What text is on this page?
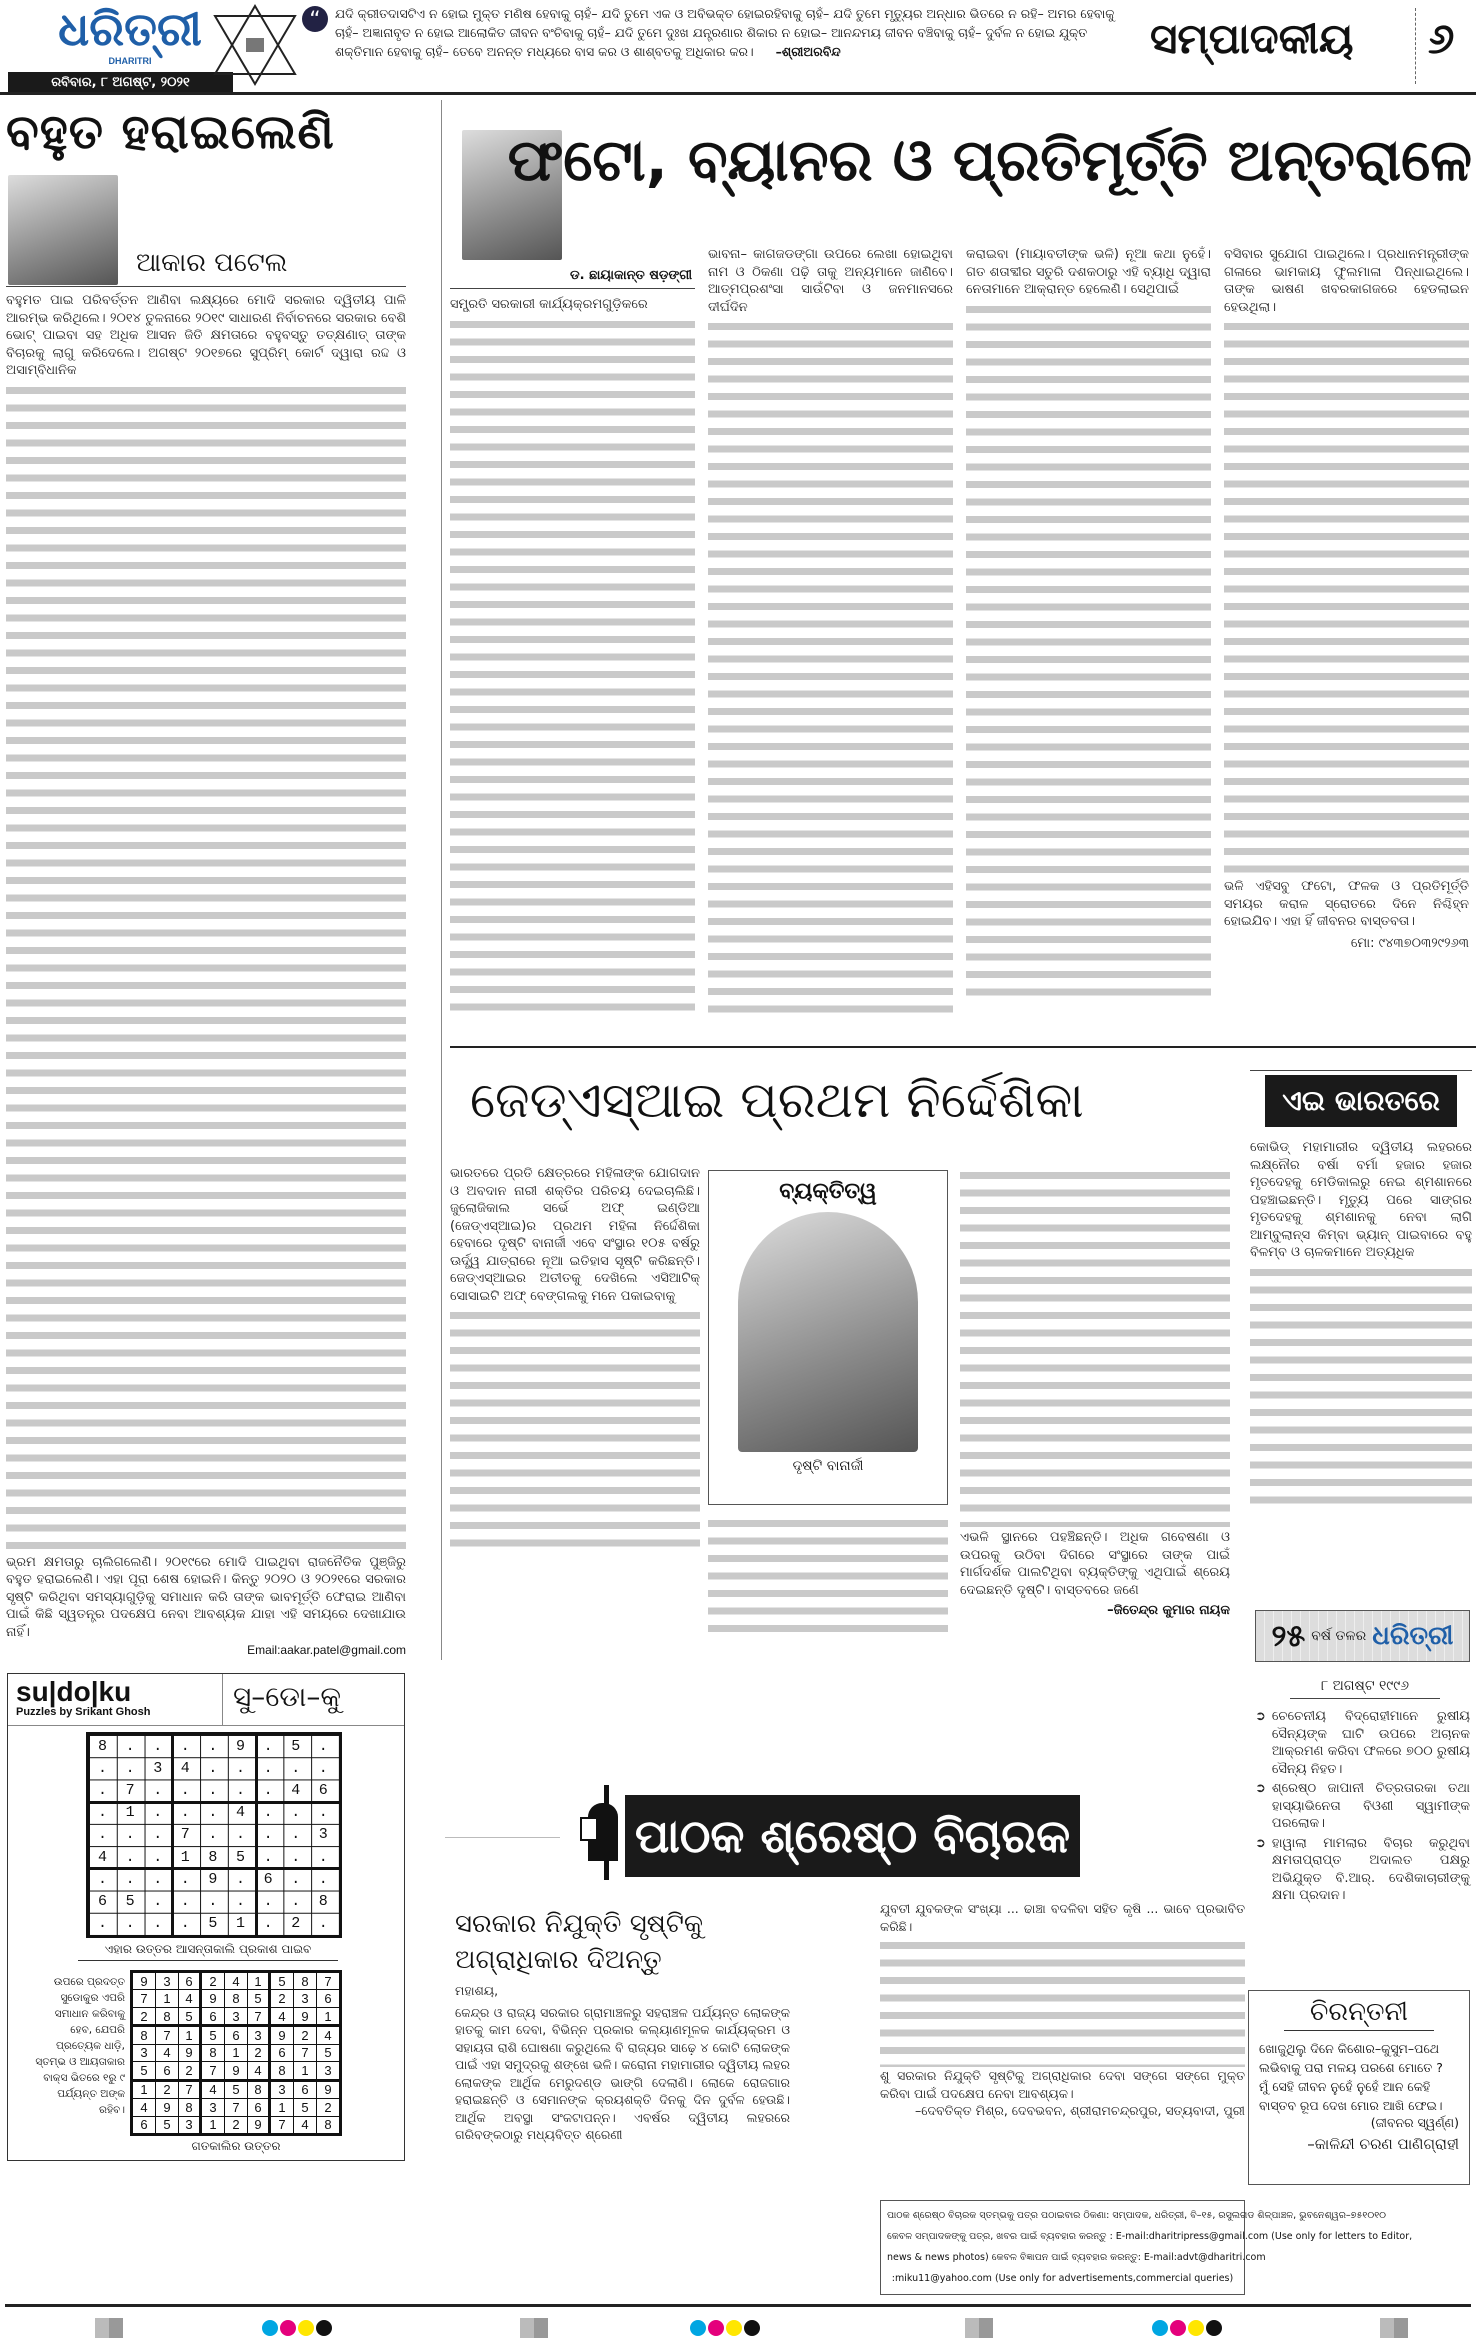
ଧରିତ୍ରୀ
DHARITRI
ରବିବାର, ୮ ଅଗଷ୍ଟ, ୨୦୨୧
“	ଯଦି କ୍ରୀତଦାସଟିଏ ନ ହୋଇ ମୁକ୍ତ ମଣିଷ ହେବାକୁ ଚାହଁ– ଯଦି ତୁମେ ଏକ ଓ ଅବିଭକ୍ତ ହୋଇରହିବାକୁ ଚାହଁ– ଯଦି ତୁମେ ମୃତ୍ୟୁର ଅନ୍ଧାର ଭିତରେ ନ ରହି– ଅମର ହେବାକୁ ଚାହଁ– ଅଜ୍ଞାନାବୃତ ନ ହୋଇ ଆଲୋକିତ ଜୀବନ ବଂଚିବାକୁ ଚାହଁ– ଯଦି ତୁମେ ଦୁଃଖ ଯନ୍ତ୍ରଣାର ଶିକାର ନ ହୋଇ– ଆନନ୍ଦମୟ ଜୀବନ ବଞ୍ଚିବାକୁ ଚାହଁ– ଦୁର୍ବଳ ନ ହୋଇ ଯୁକ୍ତ ଶକ୍ତିମାନ ହେବାକୁ ଚାହଁ– ତେବେ ଅନନ୍ତ ମଧ୍ୟରେ ବାସ କର ଓ ଶାଶ୍ବତକୁ ଅଧିକାର କର। –ଶ୍ରୀଅରବିନ୍ଦ	ସମ୍ପାଦକୀୟ ୬
ବହୁତ ହରାଇଲେଣି
ଆକାର ପଟେଲ
ବହୁମତ ପାଇ ପରିବର୍ତ୍ତନ ଆଣିବା ଲକ୍ଷ୍ୟରେ ମୋଦି ସରକାର ଦ୍ୱିତୀୟ ପାଳି ଆରମ୍ଭ କରିଥିଲେ। ୨୦୧୪ ତୁଳନାରେ ୨୦୧୯ ସାଧାରଣ ନିର୍ବାଚନରେ ସରକାର ବେଶି ଭୋଟ୍ ପାଇବା ସହ ଅଧିକ ଆସନ ଜିତି କ୍ଷମତାରେ ବହୁବସ୍ତୁ ତତ୍‌କ୍ଷଣାତ୍ ତାଙ୍କ ବିଚାରକୁ ଲାଗୁ କରିଦେଲେ। ଅଗଷ୍ଟ ୨୦୧୭ରେ ସୁପ୍ରିମ୍ କୋର୍ଟ ଦ୍ୱାରା ରଦ୍ଦ ଓ ଅସାମ୍ବିଧାନିକ
ଭ୍ରମ କ୍ଷମତାରୁ ଚାଲିଗଲେଣି। ୨୦୧୯ରେ ମୋଦି ପାଇଥିବା ରାଜନୈତିକ ପୁଞ୍ଜିରୁ ବହୁତ ହରାଇଲେଣି। ଏହା ପୂରା ଶେଷ ହୋଇନି। କିନ୍ତୁ ୨୦୨୦ ଓ ୨୦୨୧ରେ ସରକାର ସୃଷ୍ଟି କରିଥିବା ସମସ୍ୟାଗୁଡ଼ିକୁ ସମାଧାନ କରି ତାଙ୍କ ଭାବମୂର୍ତ୍ତି ଫେରାଇ ଆଣିବା ପାଇଁ କିଛି ସ୍ୱତନ୍ତ୍ର ପଦକ୍ଷେପ ନେବା ଆବଶ୍ୟକ ଯାହା ଏହି ସମୟରେ ଦେଖାଯାଉ ନାହିଁ।
Email:aakar.patel@gmail.com
ଡ. ଛାୟାକାନ୍ତ ଷଡ଼ଙ୍ଗୀ
ଫଟୋ, ବ୍ୟାନର ଓ ପ୍ରତିମୂର୍ତ୍ତି ଅନ୍ତରାଳେ
ସମ୍ପ୍ରତି ସରକାରୀ କାର୍ଯ୍ୟକ୍ରମଗୁଡ଼ିକରେ
ଭାବନା– କାଗଜଡଙ୍ଗା ଉପରେ ଲେଖା ହୋଇଥିବା ନାମ ଓ ଠିକଣା ପଢ଼ି ତାକୁ ଅନ୍ୟମାନେ ଜାଣିବେ। ଆତ୍ମପ୍ରଶଂସା ସାଉଁଟିବା ଓ ଜନମାନସରେ ଦୀର୍ଘଦିନ
କରାଇବା (ମାୟାବତୀଙ୍କ ଭଳି) ନୂଆ କଥା ନୁହେଁ। ଗତ ଶତାବ୍ଦୀର ସତୁରି ଦଶକଠାରୁ ଏହି ବ୍ୟାଧି ଦ୍ୱାରା ନେତାମାନେ ଆକ୍ରାନ୍ତ ହେଲେଣି। ସେଥିପାଇଁ
ବସିବାର ସୁଯୋଗ ପାଇଥିଲେ। ପ୍ରଧାନମନ୍ତ୍ରୀଙ୍କ ଗଳାରେ ଭାମକାୟ ଫୁଲମାଳା ପିନ୍ଧାଇଥିଲେ। ତାଙ୍କ ଭାଷଣ ଖବରକାଗଜରେ ହେଡଲାଇନ ହେଉଥିଲା।
ଭଳି ଏହିସବୁ ଫଟୋ, ଫଳକ ଓ ପ୍ରତିମୂର୍ତ୍ତି ସମୟର କରାଳ ସ୍ରୋତରେ ଦିନେ ନିଶ୍ଚିହ୍ନ ହୋଇଯିବ। ଏହା ହିଁ ଜୀବନର ବାସ୍ତବତା।
ମୋ: ୯୪୩୭୦୩୨୯୨୬୩
ଜେଡ୍‌ଏସ୍‌ଆଇ ପ୍ରଥମ ନିର୍ଦ୍ଦେଶିକା
ଭାରତରେ ପ୍ରତି କ୍ଷେତ୍ରରେ ମହିଳାଙ୍କ ଯୋଗଦାନ ଓ ଅବଦାନ ନାରୀ ଶକ୍ତିର ପରିଚୟ ଦେଇଚାଲିଛି। ଜୁଲୋଜିକାଲ ସର୍ଭେ ଅଫ୍ ଇଣ୍ଡିଆ (ଜେଡ୍‌ଏସ୍‌ଆଇ)ର ପ୍ରଥମ ମହିଳା ନିର୍ଦ୍ଦେଶିକା ହେବାରେ ଦୃଷ୍ଟି ବାନାର୍ଜୀ ଏବେ ସଂସ୍ଥାର ୧୦୫ ବର୍ଷରୁ ଊର୍ଦ୍ଧ୍ୱ ଯାତ୍ରାରେ ନୂଆ ଇତିହାସ ସୃଷ୍ଟି କରିଛନ୍ତି। ଜେଡ୍‌ଏସ୍‌ଆଇର ଅତୀତକୁ ଦେଖିଲେ ଏସିଆଟିକ୍ ସୋସାଇଟି ଅଫ୍ ବେଙ୍ଗଲକୁ ମନେ ପକାଇବାକୁ
ବ୍ୟକ୍ତିତ୍ୱ
ଦୃଷ୍ଟି ବାନାର୍ଜୀ
ଏଭଳି ସ୍ଥାନରେ ପହଞ୍ଚିଛନ୍ତି। ଅଧିକ ଗବେଷଣା ଓ ଉପରକୁ ଉଠିବା ଦିଗରେ ସଂସ୍ଥାରେ ତାଙ୍କ ପାଇଁ ମାର୍ଗଦର୍ଶକ ପାଲଟିଥିବା ବ୍ୟକ୍ତିଙ୍କୁ ଏଥିପାଇଁ ଶ୍ରେୟ ଦେଇଛନ୍ତି ଦୃଷ୍ଟି। ବାସ୍ତବରେ ଜଣେ
–ଜିତେନ୍ଦ୍ର କୁମାର ନାୟକ
ଏଇ ଭାରତରେ
କୋଭିଡ୍ ମହାମାରୀର ଦ୍ୱିତୀୟ ଲହରରେ ଲକ୍ଷ୍ନୌର ବର୍ଷା ବର୍ମା ହଜାର ହଜାର ମୃତଦେହକୁ ମେଡିକାଲରୁ ନେଇ ଶ୍ମଶାନରେ ପହଞ୍ଚାଇଛନ୍ତି। ମୃତ୍ୟୁ ପରେ ସାଙ୍ଗର ମୃତଦେହକୁ ଶ୍ମଶାନକୁ ନେବା ଲାଗି ଆମ୍ବୁଲାନ୍ସ କିମ୍ବା ଭ୍ୟାନ୍ ପାଇବାରେ ବହୁ ବିଳମ୍ବ ଓ ଚାଳକମାନେ ଅତ୍ୟଧିକ
୨୫ ବର୍ଷ ତଳର ଧରିତ୍ରୀ
୮ ଅଗଷ୍ଟ ୧୯୯୬
➲ ଚେଚେନୀୟ ବିଦ୍ରୋହୀମାନେ ରୁଷୀୟ ସୈନ୍ୟଙ୍କ ଘାଟି ଉପରେ ଅଚାନକ ଆକ୍ରମଣ କରିବା ଫଳରେ ୭୦୦ ରୁଷୀୟ ସୈନ୍ୟ ନିହତ।
➲ ଶ୍ରେଷ୍ଠ ଜାପାନୀ ଚିତ୍ରତାରକା ତଥା ହାସ୍ୟାଭିନେତା ବିଓଶୀ ସ୍ୱାମୀଙ୍କ ପରଲୋକ।
➲ ହାୱାଲା ମାମଲାର ବିଚାର କରୁଥିବା କ୍ଷମତାପ୍ରାପ୍ତ ଅଦାଲତ ପକ୍ଷରୁ ଅଭିଯୁକ୍ତ ବି.ଆର୍. ଦେଶିକାଚାରୀଙ୍କୁ କ୍ଷମା ପ୍ରଦାନ।
ଚିରନ୍ତନୀ
ଖୋଜୁଥିଲୁ ଦିନେ କିଶୋର–କୁସୁମ–ପଥେ
ଲଭିବାକୁ ପରା ମଳୟ ପରଶେ ମୋତେ ?
ମୁଁ ସେହି ଜୀବନ ନୁହେଁ ନୁହେଁ ଆନ କେହି
ବାସ୍ତବ ରୂପ ଦେଖ ମୋର ଆଖି ଫେଇ।
(ଜୀବନର ସ୍ୱର୍ଣ୍ଣ)
–କାଳିନ୍ଦୀ ଚରଣ ପାଣିଗ୍ରାହୀ
su|do|ku
Puzzles by Srikant Ghosh	ସୁ–ଡୋ–କୁ
8....9.5.
..34.....
.7.....46
.1...4...
...7....3
4..185...
....9.6..
65......8
....51.2.
ଏହାର ଉତ୍ତର ଆସନ୍ତାକାଲି ପ୍ରକାଶ ପାଇବ
ଉପରେ ପ୍ରଦତ୍ତ ସୁଡୋକୁର ଏପରି ସମାଧାନ କରିବାକୁ ହେବ, ଯେପରି ପ୍ରତ୍ୟେକ ଧାଡ଼ି, ସ୍ତମ୍ଭ ଓ ଆୟତାକାର ବାକ୍ସ ଭିତରେ ୧ରୁ ୯ ପର୍ଯ୍ୟନ୍ତ ଅଙ୍କ ରହିବ।
9	3	6	2	4	1	5	8	7
7	1	4	9	8	5	2	3	6
2	8	5	6	3	7	4	9	1
8	7	1	5	6	3	9	2	4
3	4	9	8	1	2	6	7	5
5	6	2	7	9	4	8	1	3
1	2	7	4	5	8	3	6	9
4	9	8	3	7	6	1	5	2
6	5	3	1	2	9	7	4	8
ଗତକାଲିର ଉତ୍ତର
ପାଠକ ଶ୍ରେଷ୍ଠ ବିଚାରକ
ସରକାର ନିଯୁକ୍ତି ସୃଷ୍ଟିକୁ ଅଗ୍ରାଧିକାର ଦିଅନ୍ତୁ
ମହାଶୟ,
କେନ୍ଦ୍ର ଓ ରାଜ୍ୟ ସରକାର ଗ୍ରାମାଞ୍ଚଳରୁ ସହରାଞ୍ଚଳ ପର୍ଯ୍ୟନ୍ତ ଲୋକଙ୍କ ହାତକୁ କାମ ଦେବା, ବିଭିନ୍ନ ପ୍ରକାର କଲ୍ୟାଣମୂଳକ କାର୍ଯ୍ୟକ୍ରମ ଓ ସହାୟତା ରାଶି ଘୋଷଣା କରୁଥିଲେ ବି ରାଜ୍ୟର ସାଢ଼େ ୪ କୋଟି ଲୋକଙ୍କ ପାଇଁ ଏହା ସମୁଦ୍ରକୁ ଶଙ୍ଖେ ଭଳି। କରୋନା ମହାମାରୀର ଦ୍ୱିତୀୟ ଲହର ଲୋକଙ୍କ ଆର୍ଥିକ ମେରୁଦଣ୍ଡ ଭାଙ୍ଗି ଦେଲାଣି। ଲୋକେ ରୋଜଗାର ହରାଇଛନ୍ତି ଓ ସେମାନଙ୍କ କ୍ରୟଶକ୍ତି ଦିନକୁ ଦିନ ଦୁର୍ବଳ ହେଉଛି। ଆର୍ଥିକ ଅବସ୍ଥା ସଂକଟାପନ୍ନ। ଏବର୍ଷର ଦ୍ୱିତୀୟ ଲହରରେ ଗରିବଙ୍କଠାରୁ ମଧ୍ୟବିତ୍ତ ଶ୍ରେଣୀ
ଯୁବତୀ ଯୁବକଙ୍କ ସଂଖ୍ୟା ... ଢାଞ୍ଚା ବଦଳିବା ସହିତ କୃଷି ... ଭାବେ ପ୍ରଭାବିତ କରିଛି।
ଶୁ ସରକାର ନିଯୁକ୍ତି ସୃଷ୍ଟିକୁ ଅଗ୍ରାଧିକାର ଦେବା ସଙ୍ଗେ ସଙ୍ଗେ ମୁକ୍ତ କରିବା ପାଇଁ ପଦକ୍ଷେପ ନେବା ଆବଶ୍ୟକ।
–ଦେବତିକ୍ତ ମିଶ୍ର, ଦେବଭବନ, ଶ୍ରୀରାମଚନ୍ଦ୍ରପୁର, ସତ୍ୟବାଦୀ, ପୁରୀ
ପାଠକ ଶ୍ରେଷ୍ଠ ବିଚାରକ ସ୍ତମ୍ଭକୁ ପତ୍ର ପଠାଇବାର ଠିକଣା: ସମ୍ପାଦକ, ଧରିତ୍ରୀ, ବି–୧୫, ରସୁଲଗଡ ଶିଳ୍ପାଞ୍ଚଳ, ଭୁବନେଶ୍ୱର–୭୫୧୦୧୦
କେବଳ ସମ୍ପାଦକଙ୍କୁ ପତ୍ର, ଖବର ପାଇଁ ବ୍ୟବହାର କରନ୍ତୁ : E-mail:dharitripress@gmail.com (Use only for letters to Editor,
news & news photos) କେବଳ ବିଜ୍ଞାପନ ପାଇଁ ବ୍ୟବହାର କରନ୍ତୁ: E-mail:advt@dharitri.com
:miku11@yahoo.com (Use only for advertisements,commercial queries)
